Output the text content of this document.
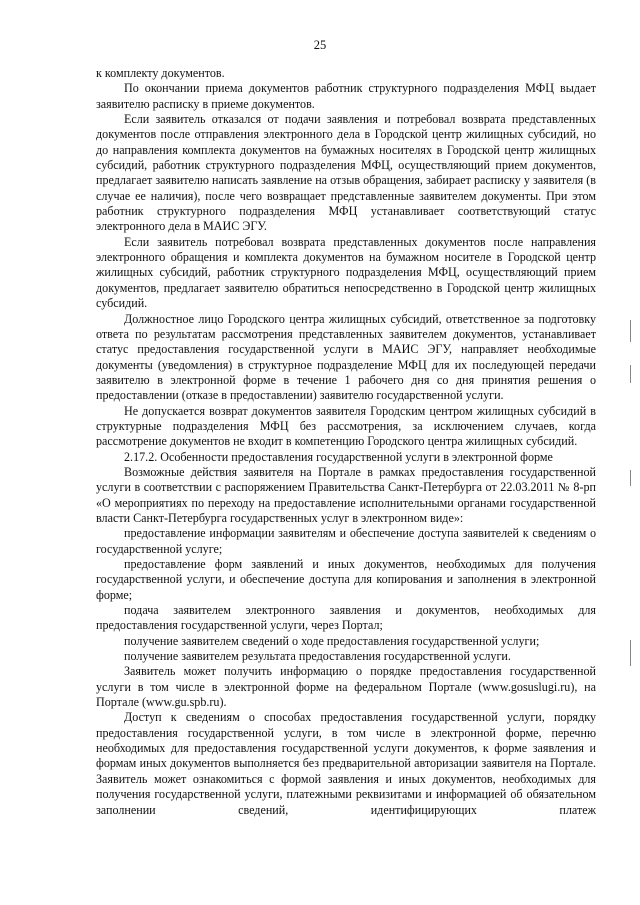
25

к комплекту документов.

По окончании приема документов работник структурного подразделения МФЦ выдает заявителю расписку в приеме документов.

Если заявитель отказался от подачи заявления и потребовал возврата представленных документов после отправления электронного дела в Городской центр жилищных субсидий, но до направления комплекта документов на бумажных носителях в Городской центр жилищных субсидий, работник структурного подразделения МФЦ, осуществляющий прием документов, предлагает заявителю написать заявление на отзыв обращения, забирает расписку у заявителя (в случае ее наличия), после чего возвращает представленные заявителем документы. При этом работник структурного подразделения МФЦ устанавливает соответствующий статус электронного дела в МАИС ЭГУ.

Если заявитель потребовал возврата представленных документов после направления электронного обращения и комплекта документов на бумажном носителе в Городской центр жилищных субсидий, работник структурного подразделения МФЦ, осуществляющий прием документов, предлагает заявителю обратиться непосредственно в Городской центр жилищных субсидий.

Должностное лицо Городского центра жилищных субсидий, ответственное за подготовку ответа по результатам рассмотрения представленных заявителем документов, устанавливает статус предоставления государственной услуги в МАИС ЭГУ, направляет необходимые документы (уведомления) в структурное подразделение МФЦ для их последующей передачи заявителю в электронной форме в течение 1 рабочего дня со дня принятия решения о предоставлении (отказе в предоставлении) заявителю государственной услуги.

Не допускается возврат документов заявителя Городским центром жилищных субсидий в структурные подразделения МФЦ без рассмотрения, за исключением случаев, когда рассмотрение документов не входит в компетенцию Городского центра жилищных субсидий.

2.17.2. Особенности предоставления государственной услуги в электронной форме

Возможные действия заявителя на Портале в рамках предоставления государственной услуги в соответствии с распоряжением Правительства Санкт-Петербурга от 22.03.2011 № 8-рп «О мероприятиях по переходу на предоставление исполнительными органами государственной власти Санкт-Петербурга государственных услуг в электронном виде»:

предоставление информации заявителям и обеспечение доступа заявителей к сведениям о государственной услуге;

предоставление форм заявлений и иных документов, необходимых для получения государственной услуги, и обеспечение доступа для копирования и заполнения в электронной форме;

подача заявителем электронного заявления и документов, необходимых для предоставления государственной услуги, через Портал;

получение заявителем сведений о ходе предоставления государственной услуги;

получение заявителем результата предоставления государственной услуги.

Заявитель может получить информацию о порядке предоставления государственной услуги в том числе в электронной форме на федеральном Портале (www.gosuslugi.ru), на Портале (www.gu.spb.ru).

Доступ к сведениям о способах предоставления государственной услуги, порядку предоставления государственной услуги, в том числе в электронной форме, перечню необходимых для предоставления государственной услуги документов, к форме заявления и формам иных документов выполняется без предварительной авторизации заявителя на Портале. Заявитель может ознакомиться с формой заявления и иных документов, необходимых для получения государственной услуги, платежными реквизитами и информацией об обязательном заполнении сведений, идентифицирующих платеж
